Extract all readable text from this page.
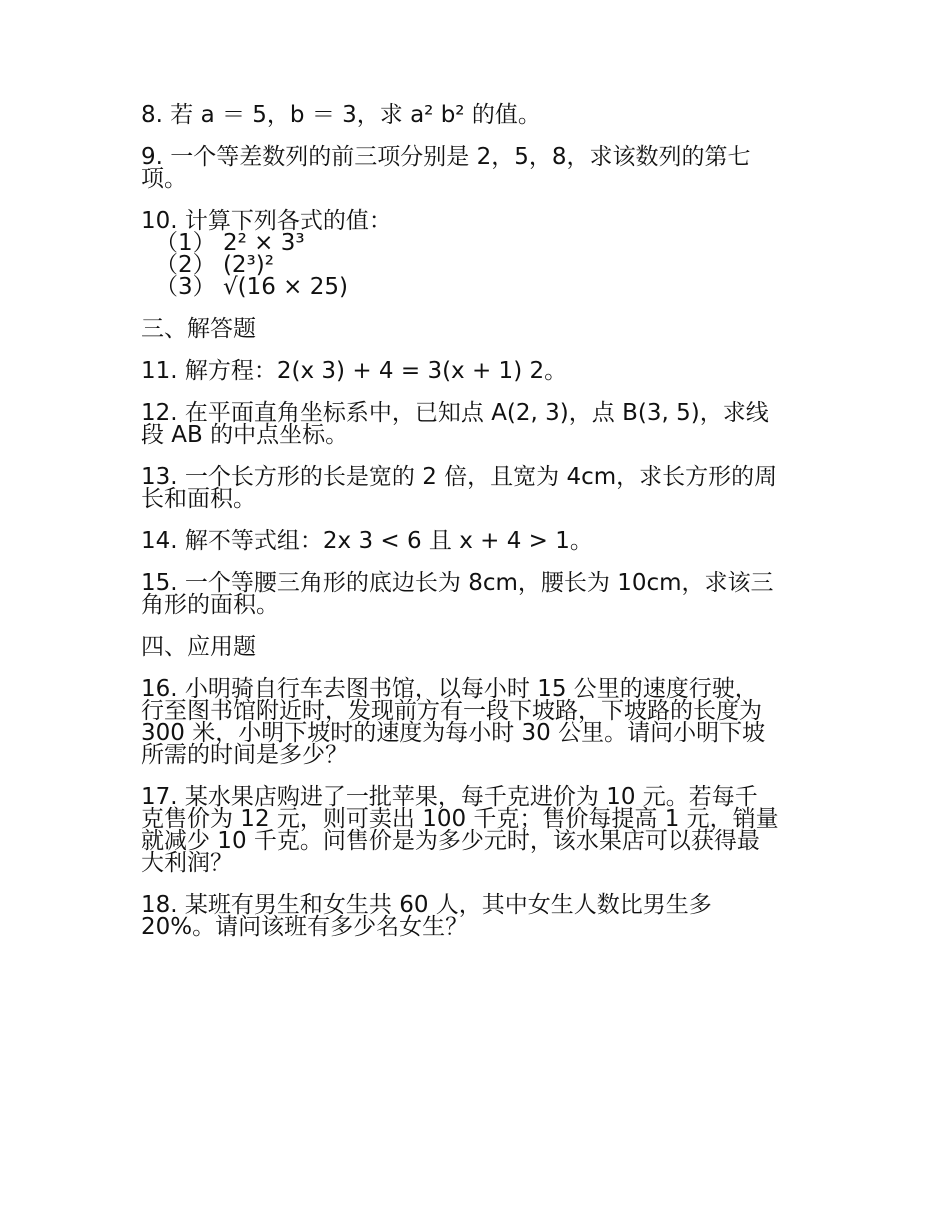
8. 若 a ＝ 5，b ＝ 3，求 a² b² 的值。
9. 一个等差数列的前三项分别是 2，5，8，求该数列的第七
项。
10. 计算下列各式的值：
（1） 2² × 3³
（2） (2³)²
（3） √(16 × 25)
三、解答题
11. 解方程：2(x 3) + 4 = 3(x + 1) 2。
12. 在平面直角坐标系中，已知点 A(2, 3)，点 B(3, 5)，求线
段 AB 的中点坐标。
13. 一个长方形的长是宽的 2 倍，且宽为 4cm，求长方形的周
长和面积。
14. 解不等式组：2x 3 < 6 且 x + 4 > 1。
15. 一个等腰三角形的底边长为 8cm，腰长为 10cm，求该三
角形的面积。
四、应用题
16. 小明骑自行车去图书馆，以每小时 15 公里的速度行驶，
行至图书馆附近时，发现前方有一段下坡路，下坡路的长度为
300 米，小明下坡时的速度为每小时 30 公里。请问小明下坡
所需的时间是多少？
17. 某水果店购进了一批苹果，每千克进价为 10 元。若每千
克售价为 12 元，则可卖出 100 千克；售价每提高 1 元，销量
就减少 10 千克。问售价是为多少元时，该水果店可以获得最
大利润？
18. 某班有男生和女生共 60 人，其中女生人数比男生多
20%。请问该班有多少名女生？
